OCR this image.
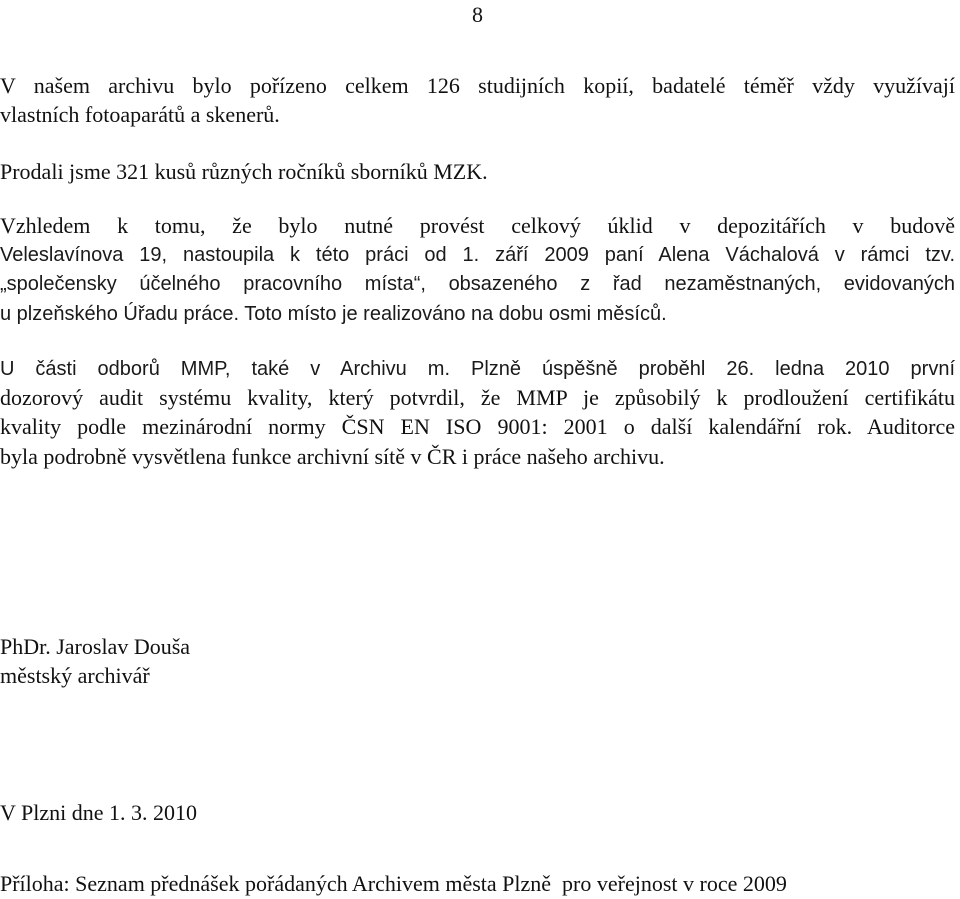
8
V našem archivu bylo pořízeno celkem 126 studijních kopií, badatelé téměř vždy využívají
vlastních fotoaparátů a skenerů.
Prodali jsme 321 kusů různých ročníků sborníků MZK.
Vzhledem k tomu, že bylo nutné provést celkový úklid v depozitářích v budově
Veleslavínova 19, nastoupila k této práci od 1. září 2009 paní Alena Váchalová v rámci tzv.
„společensky účelného pracovního místa“, obsazeného z řad nezaměstnaných, evidovaných
u plzeňského Úřadu práce. Toto místo je realizováno na dobu osmi měsíců.
U části odborů MMP, také v Archivu m. Plzně úspěšně proběhl 26. ledna 2010 první
dozorový audit systému kvality, který potvrdil, že MMP je způsobilý k prodloužení certifikátu
kvality podle mezinárodní normy ČSN EN ISO 9001: 2001 o další kalendářní rok. Auditorce
byla podrobně vysvětlena funkce archivní sítě v ČR i práce našeho archivu.
PhDr. Jaroslav Douša
městský archivář
V Plzni dne 1. 3. 2010
Příloha: Seznam přednášek pořádaných Archivem města Plzně  pro veřejnost v roce 2009
